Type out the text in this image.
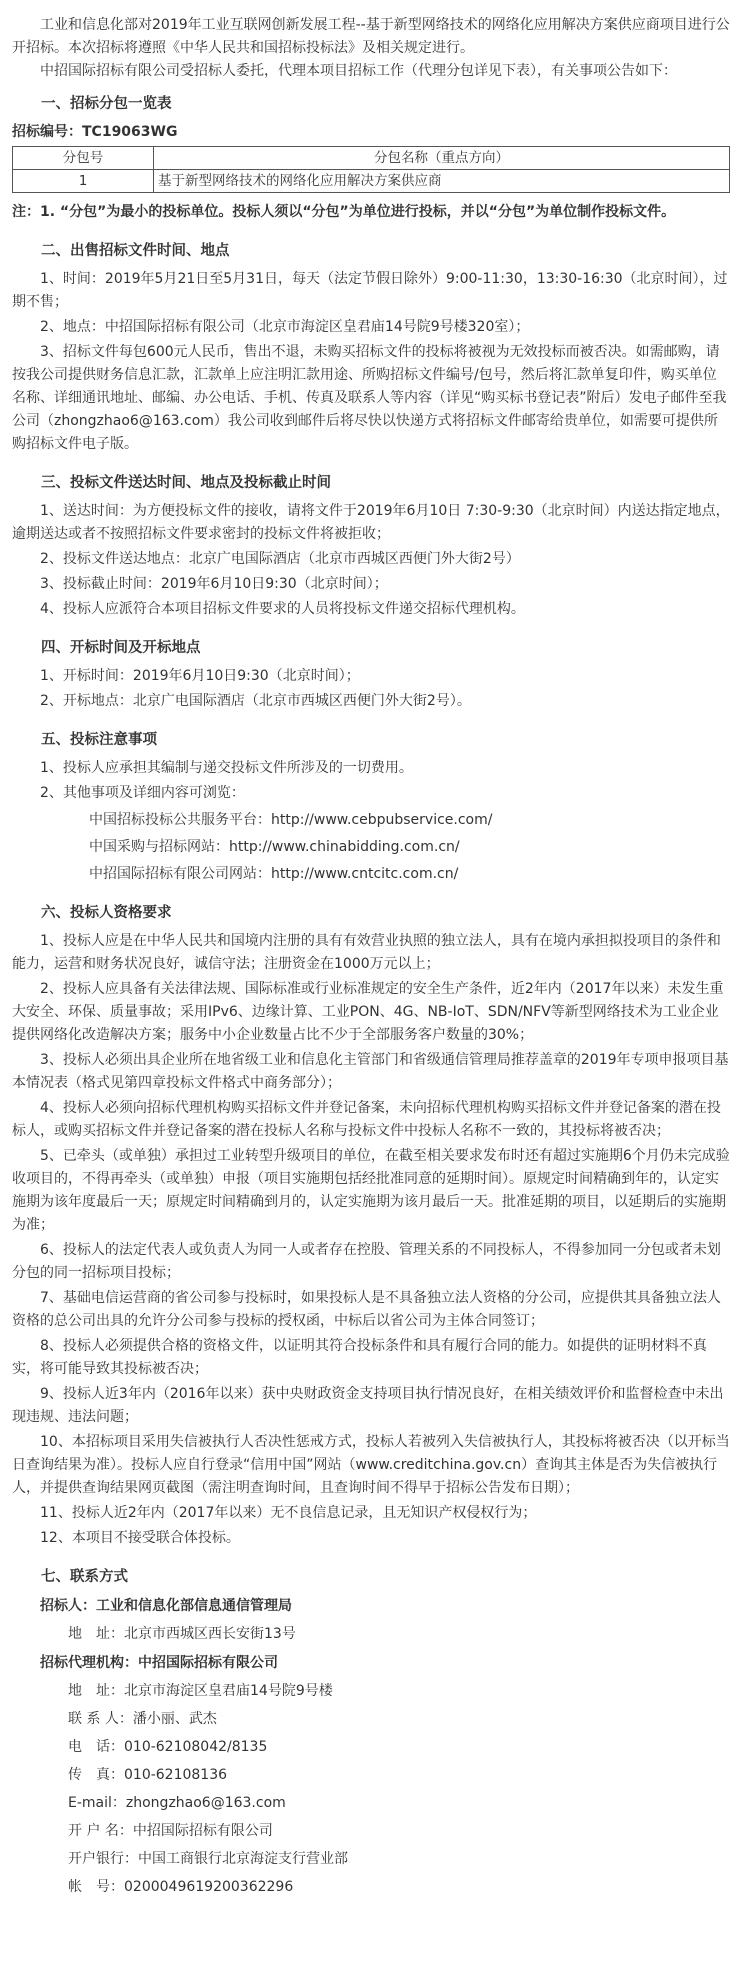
工业和信息化部对2019年工业互联网创新发展工程--基于新型网络技术的网络化应用解决方案供应商项目进行公开招标。本次招标将遵照《中华人民共和国招标投标法》及相关规定进行。

中招国际招标有限公司受招标人委托，代理本项目招标工作（代理分包详见下表），有关事项公告如下：

一、招标分包一览表

招标编号：TC19063WG

分包号	分包名称（重点方向）
1	基于新型网络技术的网络化应用解决方案供应商

注：1. “分包”为最小的投标单位。投标人须以“分包”为单位进行投标，并以“分包”为单位制作投标文件。

二、出售招标文件时间、地点

1、时间：2019年5月21日至5月31日，每天（法定节假日除外）9:00-11:30，13:30-16:30（北京时间），过期不售；

2、地点：中招国际招标有限公司（北京市海淀区皇君庙14号院9号楼320室）；

3、招标文件每包600元人民币，售出不退，未购买招标文件的投标将被视为无效投标而被否决。如需邮购，请按我公司提供财务信息汇款，汇款单上应注明汇款用途、所购招标文件编号/包号，然后将汇款单复印件，购买单位名称、详细通讯地址、邮编、办公电话、手机、传真及联系人等内容（详见“购买标书登记表”附后）发电子邮件至我公司（zhongzhao6@163.com）我公司收到邮件后将尽快以快递方式将招标文件邮寄给贵单位，如需要可提供所购招标文件电子版。

三、投标文件送达时间、地点及投标截止时间

1、送达时间：为方便投标文件的接收，请将文件于2019年6月10日 7:30-9:30（北京时间）内送达指定地点，逾期送达或者不按照招标文件要求密封的投标文件将被拒收；

2、投标文件送达地点：北京广电国际酒店（北京市西城区西便门外大街2号）

3、投标截止时间：2019年6月10日9:30（北京时间）；

4、投标人应派符合本项目招标文件要求的人员将投标文件递交招标代理机构。

四、开标时间及开标地点

1、开标时间：2019年6月10日9:30（北京时间）；

2、开标地点：北京广电国际酒店（北京市西城区西便门外大街2号）。

五、投标注意事项

1、投标人应承担其编制与递交投标文件所涉及的一切费用。

2、其他事项及详细内容可浏览：

中国招标投标公共服务平台：http://www.cebpubservice.com/

中国采购与招标网站：http://www.chinabidding.com.cn/

中招国际招标有限公司网站：http://www.cntcitc.com.cn/

六、投标人资格要求

1、投标人应是在中华人民共和国境内注册的具有有效营业执照的独立法人，具有在境内承担拟投项目的条件和能力，运营和财务状况良好，诚信守法；注册资金在1000万元以上；

2、投标人应具备有关法律法规、国际标准或行业标准规定的安全生产条件，近2年内（2017年以来）未发生重大安全、环保、质量事故；采用IPv6、边缘计算、工业PON、4G、NB-IoT、SDN/NFV等新型网络技术为工业企业提供网络化改造解决方案；服务中小企业数量占比不少于全部服务客户数量的30%；

3、投标人必须出具企业所在地省级工业和信息化主管部门和省级通信管理局推荐盖章的2019年专项申报项目基本情况表（格式见第四章投标文件格式中商务部分）；

4、投标人必须向招标代理机构购买招标文件并登记备案，未向招标代理机构购买招标文件并登记备案的潜在投标人，或购买招标文件并登记备案的潜在投标人名称与投标文件中投标人名称不一致的，其投标将被否决；

5、已牵头（或单独）承担过工业转型升级项目的单位，在截至相关要求发布时还有超过实施期6个月仍未完成验收项目的，不得再牵头（或单独）申报（项目实施期包括经批准同意的延期时间）。原规定时间精确到年的，认定实施期为该年度最后一天；原规定时间精确到月的，认定实施期为该月最后一天。批准延期的项目，以延期后的实施期为准；

6、投标人的法定代表人或负责人为同一人或者存在控股、管理关系的不同投标人，不得参加同一分包或者未划分包的同一招标项目投标；

7、基础电信运营商的省公司参与投标时，如果投标人是不具备独立法人资格的分公司，应提供其具备独立法人资格的总公司出具的允许分公司参与投标的授权函，中标后以省公司为主体合同签订；

8、投标人必须提供合格的资格文件，以证明其符合投标条件和具有履行合同的能力。如提供的证明材料不真实，将可能导致其投标被否决；

9、投标人近3年内（2016年以来）获中央财政资金支持项目执行情况良好，在相关绩效评价和监督检查中未出现违规、违法问题；

10、本招标项目采用失信被执行人否决性惩戒方式，投标人若被列入失信被执行人，其投标将被否决（以开标当日查询结果为准）。投标人应自行登录“信用中国”网站（www.creditchina.gov.cn）查询其主体是否为失信被执行人，并提供查询结果网页截图（需注明查询时间，且查询时间不得早于招标公告发布日期）；

11、投标人近2年内（2017年以来）无不良信息记录，且无知识产权侵权行为；

12、本项目不接受联合体投标。

七、联系方式

招标人：工业和信息化部信息通信管理局

地　址：北京市西城区西长安街13号

招标代理机构：中招国际招标有限公司

地　址：北京市海淀区皇君庙14号院9号楼

联 系 人：潘小丽、武杰

电　话：010-62108042/8135

传　真：010-62108136

E-mail：zhongzhao6@163.com

开 户 名：中招国际招标有限公司

开户银行：中国工商银行北京海淀支行营业部

帐　号：0200049619200362296
